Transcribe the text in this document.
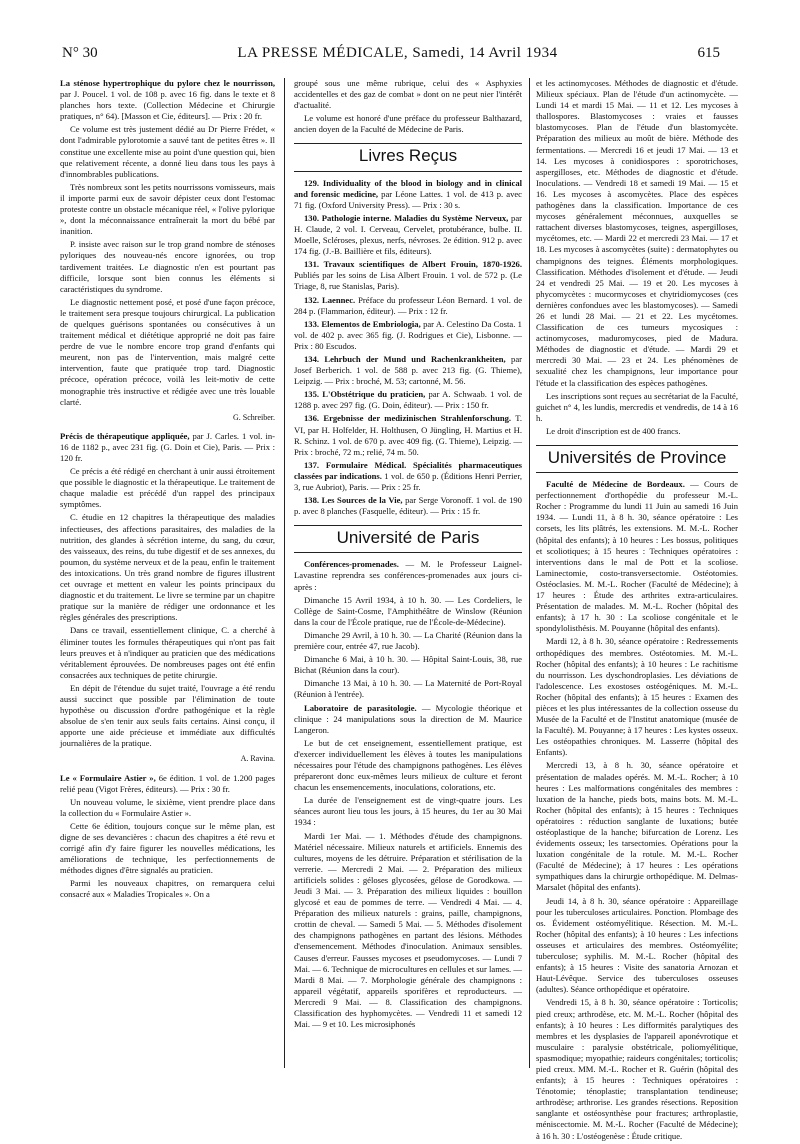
N° 30	LA PRESSE MÉDICALE, Samedi, 14 Avril 1934	615

La sténose hypertrophique du pylore chez le nourrisson, par J. Poucel. 1 vol. de 108 p. avec 16 fig. dans le texte et 8 planches hors texte. (Collection Médecine et Chirurgie pratiques, n° 64). [Masson et Cie, éditeurs]. — Prix : 20 fr.

Ce volume est très justement dédié au Dr Pierre Frédet, « dont l'admirable pylorotomie a sauvé tant de petites êtres ». Il constitue une excellente mise au point d'une question qui, bien que relativement récente, a donné lieu dans tous les pays à d'innombrables publications.

Très nombreux sont les petits nourrissons vomisseurs, mais il importe parmi eux de savoir dépister ceux dont l'estomac proteste contre un obstacle mécanique réel, « l'olive pylorique », dont la méconnaissance entraînerait la mort du bébé par inanition.

P. insiste avec raison sur le trop grand nombre de sténoses pyloriques des nouveau-nés encore ignorées, ou trop tardivement traitées. Le diagnostic n'en est pourtant pas difficile, lorsque sont bien connus les éléments si caractéristiques du syndrome.

Le diagnostic nettement posé, et posé d'une façon précoce, le traitement sera presque toujours chirurgical. La publication de quelques guérisons spontanées ou consécutives à un traitement médical et diététique approprié ne doit pas faire perdre de vue le nombre encore trop grand d'enfants qui meurent, non pas de l'intervention, mais malgré cette intervention, faute que pratiquée trop tard. Diagnostic précoce, opération précoce, voilà les leit-motiv de cette monographie très instructive et rédigée avec une très louable clarté.

G. Schreiber.

Précis de thérapeutique appliquée, par J. Carles. 1 vol. in-16 de 1182 p., avec 231 fig. (G. Doin et Cie), Paris. — Prix : 120 fr.

Ce précis a été rédigé en cherchant à unir aussi étroitement que possible le diagnostic et la thérapeutique. Le traitement de chaque maladie est précédé d'un rappel des principaux symptômes.

C. étudie en 12 chapitres la thérapeutique des maladies infectieuses, des affections parasitaires, des maladies de la nutrition, des glandes à sécrétion interne, du sang, du cœur, des vaisseaux, des reins, du tube digestif et de ses annexes, du poumon, du système nerveux et de la peau, enfin le traitement des intoxications. Un très grand nombre de figures illustrent cet ouvrage et mettent en valeur les points principaux du diagnostic et du traitement. Le livre se termine par un chapitre pratique sur la manière de rédiger une ordonnance et les règles générales des prescriptions.

Dans ce travail, essentiellement clinique, C. a cherché à éliminer toutes les formules thérapeutiques qui n'ont pas fait leurs preuves et à n'indiquer au praticien que des médications véritablement éprouvées. De nombreuses pages ont été enfin consacrées aux techniques de petite chirurgie.

En dépit de l'étendue du sujet traité, l'ouvrage a été rendu aussi succinct que possible par l'élimination de toute hypothèse ou discussion d'ordre pathogénique et la règle absolue de s'en tenir aux seuls faits certains. Ainsi conçu, il apporte une aide précieuse et immédiate aux difficultés journalières de la pratique.

A. Ravina.

Le « Formulaire Astier », 6e édition. 1 vol. de 1.200 pages relié peau (Vigot Frères, éditeurs). — Prix : 30 fr.

Un nouveau volume, le sixième, vient prendre place dans la collection du « Formulaire Astier ».

Cette 6e édition, toujours conçue sur le même plan, est digne de ses devancières : chacun des chapitres a été revu et corrigé afin d'y faire figurer les nouvelles médications, les améliorations de technique, les perfectionnements de méthodes dignes d'être signalés au praticien.

Parmi les nouveaux chapitres, on remarquera celui consacré aux « Maladies Tropicales ». On a

groupé sous une même rubrique, celui des « Asphyxies accidentelles et des gaz de combat » dont on ne peut nier l'intérêt d'actualité.

Le volume est honoré d'une préface du professeur Balthazard, ancien doyen de la Faculté de Médecine de Paris.

Livres Reçus

129. Individuality of the blood in biology and in clinical and forensic medicine, par Léone Lattes. 1 vol. de 413 p. avec 71 fig. (Oxford University Press). — Prix : 30 s.

130. Pathologie interne. Maladies du Système Nerveux, par H. Claude, 2 vol. I. Cerveau, Cervelet, protubérance, bulbe. II. Moelle, Scléroses, plexus, nerfs, névroses. 2e édition. 912 p. avec 174 fig. (J.-B. Baillière et fils, éditeurs).

131. Travaux scientifiques de Albert Frouin, 1870-1926. Publiés par les soins de Lisa Albert Frouin. 1 vol. de 572 p. (Le Triage, 8, rue Stanislas, Paris).

132. Laennec. Préface du professeur Léon Bernard. 1 vol. de 284 p. (Flammarion, éditeur). — Prix : 12 fr.

133. Elementos de Embriologia, par A. Celestino Da Costa. 1 vol. de 402 p. avec 365 fig. (J. Rodrigues et Cie), Lisbonne. — Prix : 80 Escudos.

134. Lehrbuch der Mund und Rachenkrankheiten, par Josef Berberich. 1 vol. de 588 p. avec 213 fig. (G. Thieme), Leipzig. — Prix : broché, M. 53; cartonné, M. 56.

135. L'Obstétrique du praticien, par A. Schwaab. 1 vol. de 1288 p. avec 297 fig. (G. Doin, éditeur). — Prix : 150 fr.

136. Ergebnisse der medizinischen Strahlenforschung. T. VI, par H. Holfelder, H. Holthusen, O Jüngling, H. Martius et H. R. Schinz. 1 vol. de 670 p. avec 409 fig. (G. Thieme), Leipzig. — Prix : broché, 72 m.; relié, 74 m. 50.

137. Formulaire Médical. Spécialités pharmaceutiques classées par indications. 1 vol. de 650 p. (Éditions Henri Perrier, 3, rue Aubriot), Paris. — Prix : 25 fr.

138. Les Sources de la Vie, par Serge Voronoff. 1 vol. de 190 p. avec 8 planches (Fasquelle, éditeur). — Prix : 15 fr.

Université de Paris

Conférences-promenades. — M. le Professeur Laignel-Lavastine reprendra ses conférences-promenades aux jours ci-après :

Dimanche 15 Avril 1934, à 10 h. 30. — Les Cordeliers, le Collège de Saint-Cosme, l'Amphithéâtre de Winslow (Réunion dans la cour de l'École pratique, rue de l'École-de-Médecine).

Dimanche 29 Avril, à 10 h. 30. — La Charité (Réunion dans la première cour, entrée 47, rue Jacob).

Dimanche 6 Mai, à 10 h. 30. — Hôpital Saint-Louis, 38, rue Bichat (Réunion dans la cour).

Dimanche 13 Mai, à 10 h. 30. — La Maternité de Port-Royal (Réunion à l'entrée).

Laboratoire de parasitologie. — Mycologie théorique et clinique : 24 manipulations sous la direction de M. Maurice Langeron.

Le but de cet enseignement, essentiellement pratique, est d'exercer individuellement les élèves à toutes les manipulations nécessaires pour l'étude des champignons pathogènes. Les élèves prépareront donc eux-mêmes leurs milieux de culture et feront chacun les ensemencements, inoculations, colorations, etc.

La durée de l'enseignement est de vingt-quatre jours. Les séances auront lieu tous les jours, à 15 heures, du 1er au 30 Mai 1934 :

Mardi 1er Mai. — 1. Méthodes d'étude des champignons. Matériel nécessaire. Milieux naturels et artificiels. Ennemis des cultures, moyens de les détruire. Préparation et stérilisation de la verrerie. — Mercredi 2 Mai. — 2. Préparation des milieux artificiels solides : géloses glycosées, gélose de Gorodkowa. — Jeudi 3 Mai. — 3. Préparation des milieux liquides : bouillon glycosé et eau de pommes de terre. — Vendredi 4 Mai. — 4. Préparation des milieux naturels : grains, paille, champignons, crottin de cheval. — Samedi 5 Mai. — 5. Méthodes d'isolement des champignons pathogènes en partant des lésions. Méthodes d'ensemencement. Méthodes d'inoculation. Animaux sensibles. Causes d'erreur. Fausses mycoses et pseudomycoses. — Lundi 7 Mai. — 6. Technique de microcultures en cellules et sur lames. — Mardi 8 Mai. — 7. Morphologie générale des champignons : appareil végétatif, appareils sporifères et reproducteurs. — Mercredi 9 Mai. — 8. Classification des champignons. Classification des hyphomycètes. — Vendredi 11 et samedi 12 Mai. — 9 et 10. Les microsiphonés

et les actinomycoses. Méthodes de diagnostic et d'étude. Milieux spéciaux. Plan de l'étude d'un actinomycète. — Lundi 14 et mardi 15 Mai. — 11 et 12. Les mycoses à thallospores. Blastomycoses : vraies et fausses blastomycoses. Plan de l'étude d'un blastomycète. Préparation des milieux au moût de bière. Méthode des fermentations. — Mercredi 16 et jeudi 17 Mai. — 13 et 14. Les mycoses à conidiospores : sporotrichoses, aspergilloses, etc. Méthodes de diagnostic et d'étude. Inoculations. — Vendredi 18 et samedi 19 Mai. — 15 et 16. Les mycoses à ascomycètes. Place des espèces pathogènes dans la classification. Importance de ces mycoses généralement méconnues, auxquelles se rattachent diverses blastomycoses, teignes, aspergilloses, mycétomes, etc. — Mardi 22 et mercredi 23 Mai. — 17 et 18. Les mycoses à ascomycètes (suite) : dermatophytes ou champignons des teignes. Éléments morphologiques. Classification. Méthodes d'isolement et d'étude. — Jeudi 24 et vendredi 25 Mai. — 19 et 20. Les mycoses à phycomycètes : mucormycoses et chytridiomycoses (ces dernières confondues avec les blastomycoses). — Samedi 26 et lundi 28 Mai. — 21 et 22. Les mycétomes. Classification de ces tumeurs mycosiques : actinomycoses, maduromycoses, pied de Madura. Méthodes de diagnostic et d'étude. — Mardi 29 et mercredi 30 Mai. — 23 et 24. Les phénomènes de sexualité chez les champignons, leur importance pour l'étude et la classification des espèces pathogènes.

Les inscriptions sont reçues au secrétariat de la Faculté, guichet n° 4, les lundis, mercredis et vendredis, de 14 à 16 h.

Le droit d'inscription est de 400 francs.

Universités de Province

Faculté de Médecine de Bordeaux. — Cours de perfectionnement d'orthopédie du professeur M.-L. Rocher : Programme du lundi 11 Juin au samedi 16 Juin 1934. — Lundi 11, à 8 h. 30, séance opératoire : Les corsets, les lits plâtrés, les extensions. M. M.-L. Rocher (hôpital des enfants); à 10 heures : Les bossus, politiques et scoliotiques; à 15 heures : Techniques opératoires : interventions dans le mal de Pott et la scoliose. Laminectomie, costo-transversectomie. Ostéotomies. Ostéoclasies. M. M.-L. Rocher (Faculté de Médecine); à 17 heures : Étude des arthrites extra-articulaires. Présentation de malades. M. M.-L. Rocher (hôpital des enfants); à 17 h. 30 : La scoliose congénitale et le spondylolisthésis. M. Pouyanne (hôpital des enfants).

Mardi 12, à 8 h. 30, séance opératoire : Redressements orthopédiques des membres. Ostéotomies. M. M.-L. Rocher (hôpital des enfants); à 10 heures : Le rachitisme du nourrisson. Les dyschondroplasies. Les déviations de l'adolescence. Les exostoses ostéogéniques. M. M.-L. Rocher (hôpital des enfants); à 15 heures : Examen des pièces et les plus intéressantes de la collection osseuse du Musée de la Faculté et de l'Institut anatomique (musée de la Faculté). M. Pouyanne; à 17 heures : Les kystes osseux. Les ostéopathies chroniques. M. Lasserre (hôpital des Enfants).

Mercredi 13, à 8 h. 30, séance opératoire et présentation de malades opérés. M. M.-L. Rocher; à 10 heures : Les malformations congénitales des membres : luxation de la hanche, pieds bots, mains bots. M. M.-L. Rocher (hôpital des enfants); à 15 heures : Techniques opératoires : réduction sanglante de luxations; butée ostéoplastique de la hanche; bifurcation de Lorenz. Les évidements osseux; les tarsectomies. Opérations pour la luxation congénitale de la rotule. M. M.-L. Rocher (Faculté de Médecine); à 17 heures : Les opérations sympathiques dans la chirurgie orthopédique. M. Delmas-Marsalet (hôpital des enfants).

Jeudi 14, à 8 h. 30, séance opératoire : Appareillage pour les tuberculoses articulaires. Ponction. Plombage des os. Évidement ostéomyélitique. Résection. M. M.-L. Rocher (hôpital des enfants); à 10 heures : Les infections osseuses et articulaires des membres. Ostéomyélite; tuberculose; syphilis. M. M.-L. Rocher (hôpital des enfants); à 15 heures : Visite des sanatoria Arnozan et Haut-Lévêque. Service des tuberculoses osseuses (adultes). Séance orthopédique et opératoire.

Vendredi 15, à 8 h. 30, séance opératoire : Torticolis; pied creux; arthrodèse, etc. M. M.-L. Rocher (hôpital des enfants); à 10 heures : Les difformités paralytiques des membres et les dysplasies de l'appareil aponévrotique et musculaire : paralysie obstétricale, poliomyélitique, spasmodique; myopathie; raideurs congénitales; torticolis; pied creux. MM. M.-L. Rocher et R. Guérin (hôpital des enfants); à 15 heures : Techniques opératoires : Ténotomie; ténoplastie; transplantation tendineuse; arthrodèse; arthrorise. Les grandes résections. Reposition sanglante et ostéosynthèse pour fractures; arthroplastie, méniscectomie. M. M.-L. Rocher (Faculté de Médecine); à 16 h. 30 : L'ostéogenèse : Étude critique.
